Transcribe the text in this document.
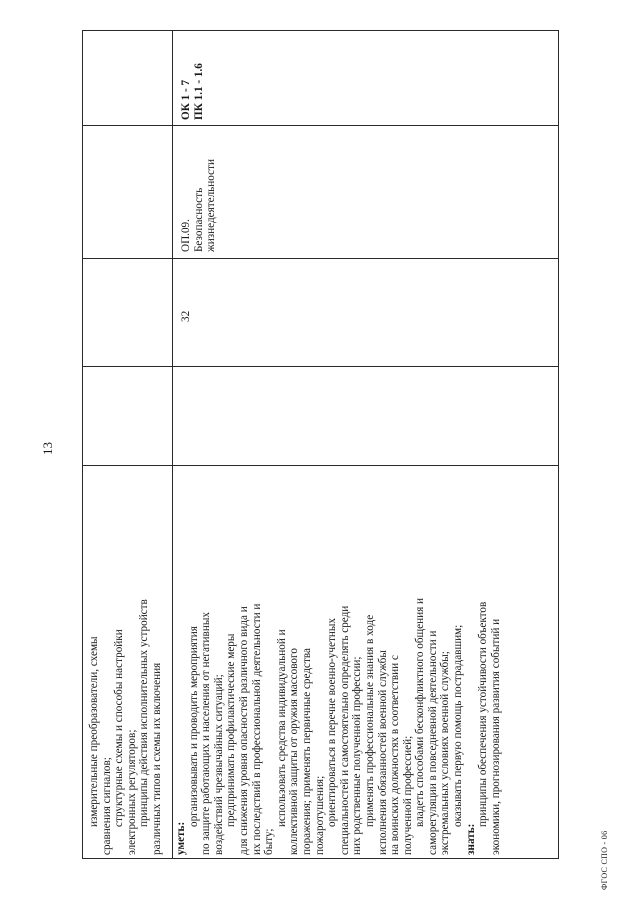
13
ФГОС СПО - 06

измерительные преобразователи, схемы сравнения сигналов; структурные схемы и способы настройки электронных регуляторов; принципы действия исполнительных устройств различных типов и схемы их включения уметь:

организовывать и проводить мероприятия по защите работающих и населения от негативных воздействий чрезвычайных ситуаций; предпринимать профилактические меры для снижения уровня опасностей различного вида и их последствий в профессиональной деятельности и быту;

использовать средства индивидуальной и коллективной защиты от оружия массового поражения; применять первичные средства пожаротушения; ориентироваться в перечне военно-учетных специальностей и самостоятельно определять среди них родственные полученной профессии; применять профессиональные знания в ходе исполнения обязанностей военной службы на воинских должностях в соответствии с полученной профессией; владеть способами бесконфликтного общения и саморегуляции в повседневной деятельности и экстремальных условиях военной службы; оказывать первую помощь пострадавшим;

знать:

принципы обеспечения устойчивости объектов экономики, прогнозирования развития событий и

32

ОП.09. Безопасность жизнедеятельности

ОК 1 - 7 ПК 1.1 - 1.6
